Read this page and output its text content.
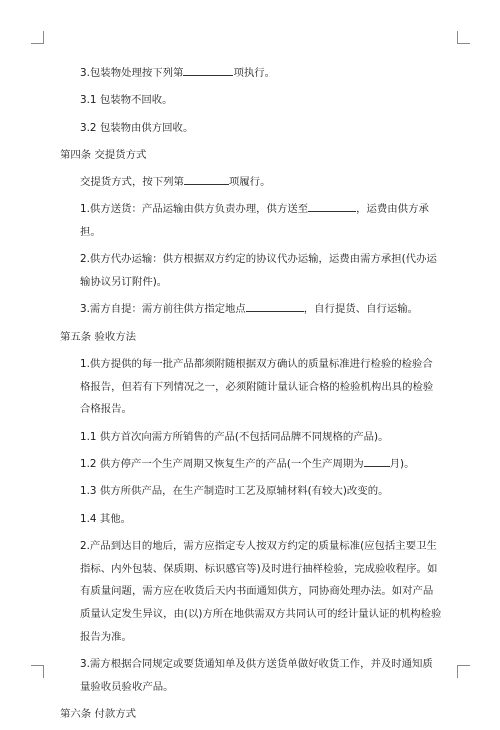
3.包装物处理按下列第	项执行。

3.1 包装物不回收。

3.2 包装物由供方回收。

第四条 交提货方式

交提货方式，按下列第	项履行。

1.供方送货：产品运输由供方负责办理，供方送至	，运费由供方承担。

2.供方代办运输：供方根据双方约定的协议代办运输，运费由需方承担(代办运输协议另订附件)。

3.需方自提：需方前往供方指定地点	，自行提货、自行运输。

第五条 验收方法

1.供方提供的每一批产品都须附随根据双方确认的质量标准进行检验的检验合格报告，但若有下列情况之一，必须附随计量认证合格的检验机构出具的检验合格报告。

1.1 供方首次向需方所销售的产品(不包括同品牌不同规格的产品)。

1.2 供方停产一个生产周期又恢复生产的产品(一个生产周期为	月)。

1.3 供方所供产品，在生产制造时工艺及原辅材料(有较大)改变的。

1.4 其他。

2.产品到达目的地后，需方应指定专人按双方约定的质量标准(应包括主要卫生指标、内外包装、保质期、标识感官等)及时进行抽样检验，完成验收程序。如有质量问题，需方应在收货后天内书面通知供方，同协商处理办法。如对产品质量认定发生异议，由(以)方所在地供需双方共同认可的经计量认证的机构检验报告为准。

3.需方根据合同规定或要货通知单及供方送货单做好收货工作，并及时通知质量验收员验收产品。

第六条 付款方式
